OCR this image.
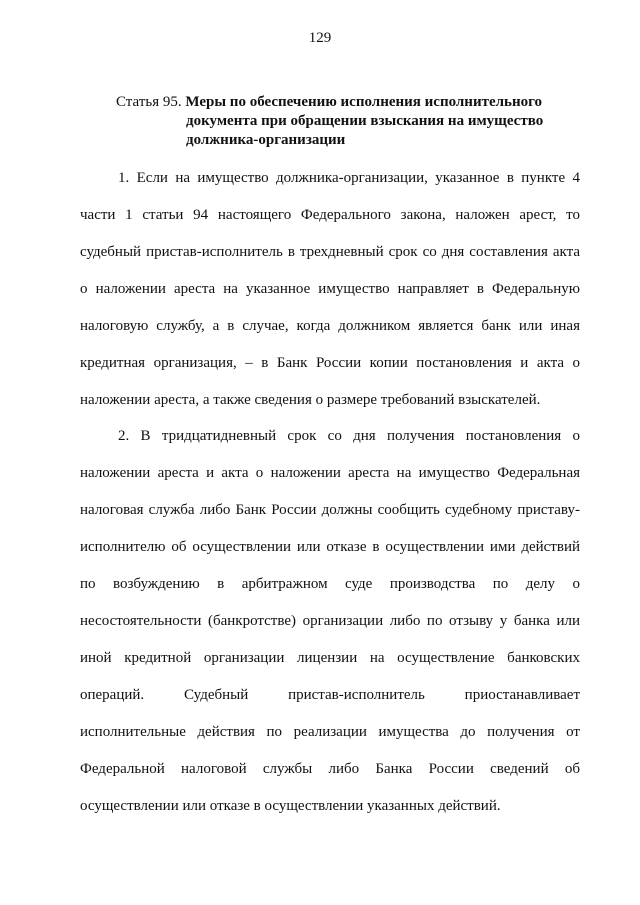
129
Статья 95. Меры по обеспечению исполнения исполнительного
документа при обращении взыскания на имущество
должника-организации

1. Если на имущество должника-организации, указанное в пункте 4 части 1 статьи 94 настоящего Федерального закона, наложен арест, то судебный пристав-исполнитель в трехдневный срок со дня составления акта о наложении ареста на указанное имущество направляет в Федеральную налоговую службу, а в случае, когда должником является банк или иная кредитная организация, – в Банк России копии постановления и акта о наложении ареста, а также сведения о размере требований взыскателей.

2. В тридцатидневный срок со дня получения постановления о наложении ареста и акта о наложении ареста на имущество Федеральная налоговая служба либо Банк России должны сообщить судебному приставу-исполнителю об осуществлении или отказе в осуществлении ими действий по возбуждению в арбитражном суде производства по делу о несостоятельности (банкротстве) организации либо по отзыву у банка или иной кредитной организации лицензии на осуществление банковских операций. Судебный пристав-исполнитель приостанавливает исполнительные действия по реализации имущества до получения от Федеральной налоговой службы либо Банка России сведений об осуществлении или отказе в осуществлении указанных действий.
